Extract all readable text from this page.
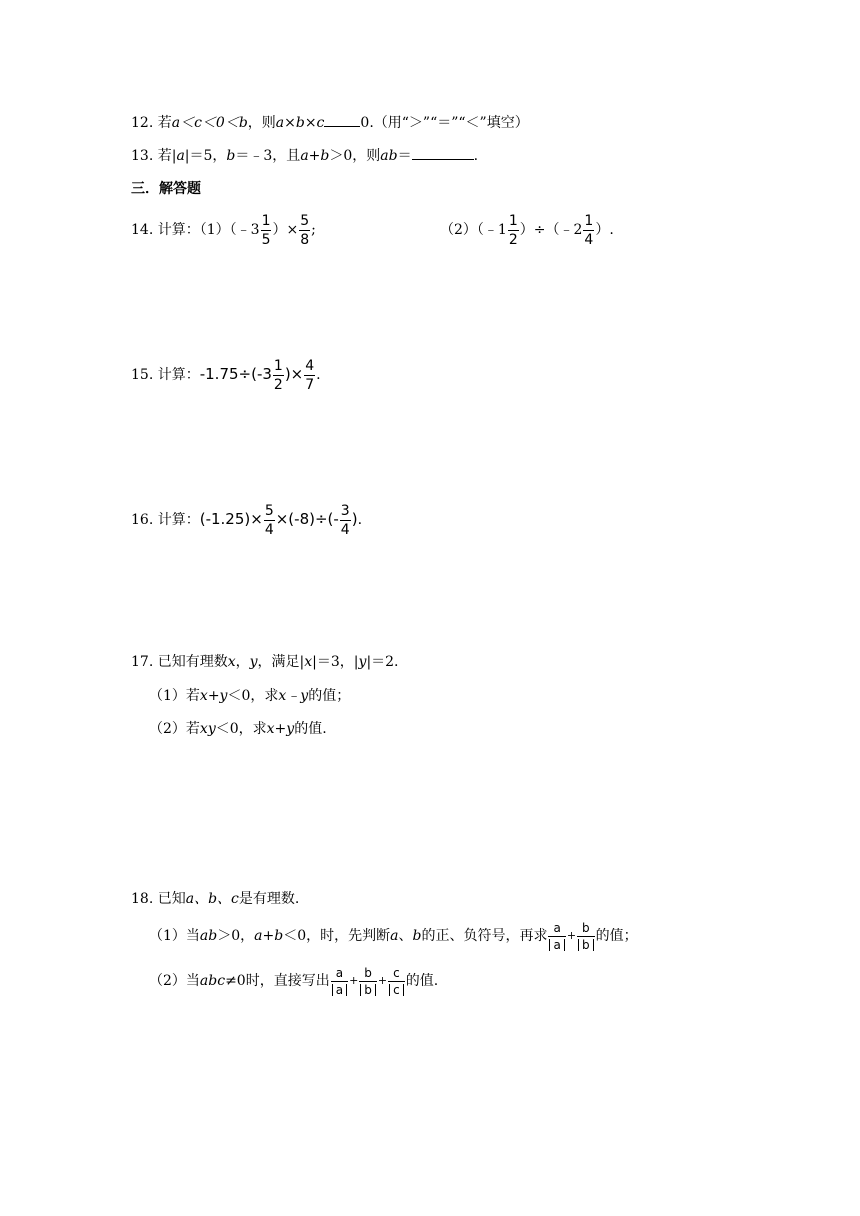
12. 若a＜c＜0＜b，则a×b×c	0.（用“＞”“＝”“＜”填空）
13. 若|a|＝5，b＝﹣3，且a+b＞0，则ab＝	.
三．解答题
14. 计算：（1）（﹣3 $\frac{1}{5}$ ）× $\frac{5}{8}$ ;	（2）（﹣1 $\frac{1}{2}$ ）÷（﹣2 $\frac{1}{4}$ ）.
15. 计算：$-1.75\div(-3 \frac{1}{2}$ )× $\frac{4}{7}$ .
16. 计算：$(-1.25)\times \frac{5}{4} \times(-8)\div(- \frac{3}{4}$ ).
17. 已知有理数x，y，满足|x|＝3，|y|＝2.
（1）若x+y＜0，求x﹣y的值；
（2）若xy＜0，求x+y的值.
18. 已知a、b、c是有理数.
（1）当ab＞0，a+b＜0，时，先判断a、b的正、负符号，再求 $\frac{a}{a} + \frac{b}{b}$ 的值；
（2）当abc≠0时，直接写出 $\frac{a}{a} + \frac{b}{b} + \frac{c}{c}$ 的值.
